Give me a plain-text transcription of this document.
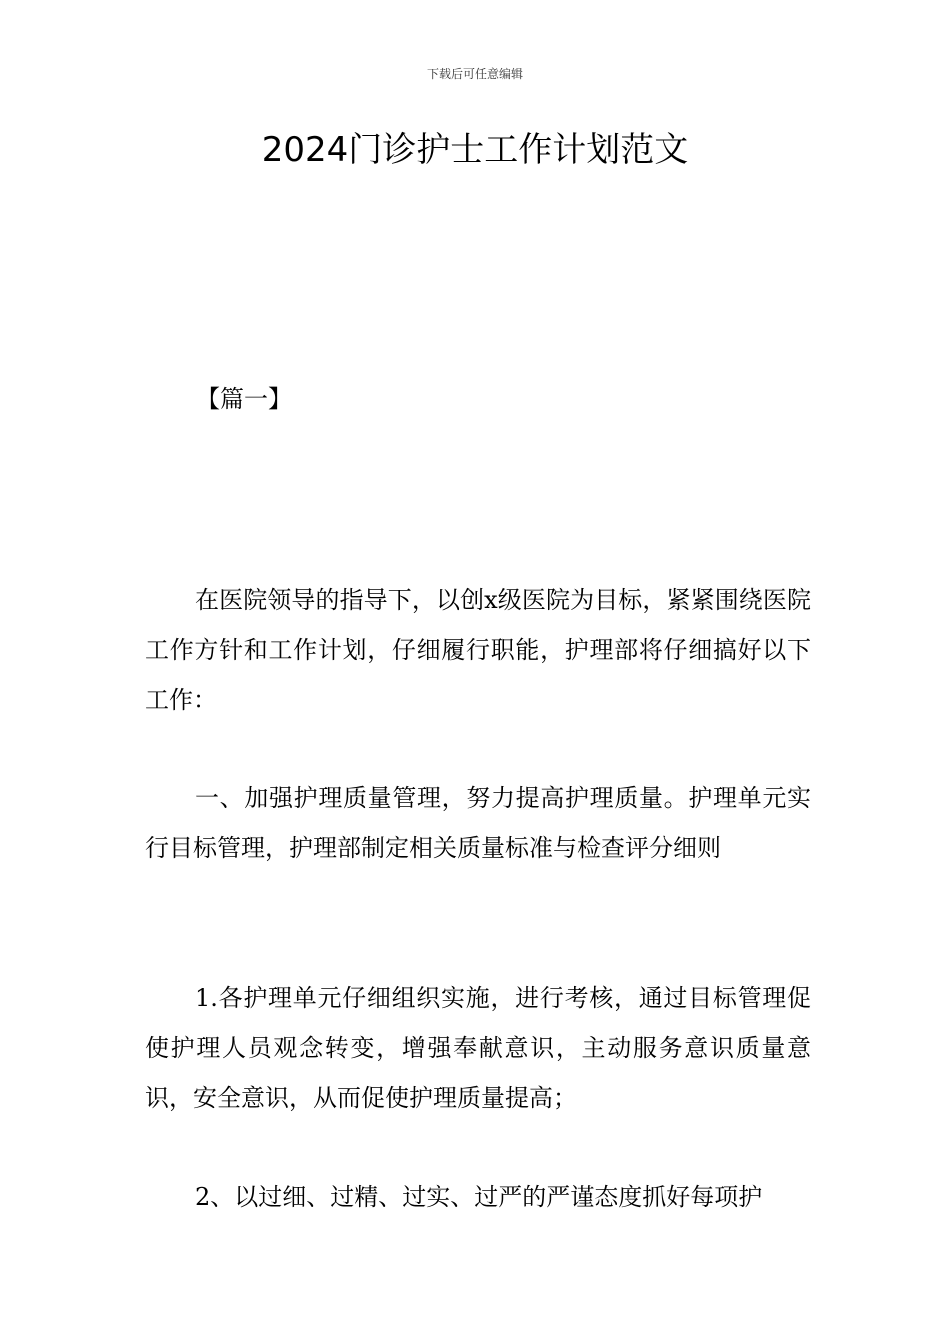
下载后可任意编辑
2024门诊护士工作计划范文

【篇一】

在医院领导的指导下，以创x级医院为目标，紧紧围绕医院工作方针和工作计划，仔细履行职能，护理部将仔细搞好以下工作：

一、加强护理质量管理，努力提高护理质量。护理单元实行目标管理，护理部制定相关质量标准与检查评分细则

1.各护理单元仔细组织实施，进行考核，通过目标管理促使护理人员观念转变，增强奉献意识，主动服务意识质量意识，安全意识，从而促使护理质量提高；

2、以过细、过精、过实、过严的严谨态度抓好每项护
